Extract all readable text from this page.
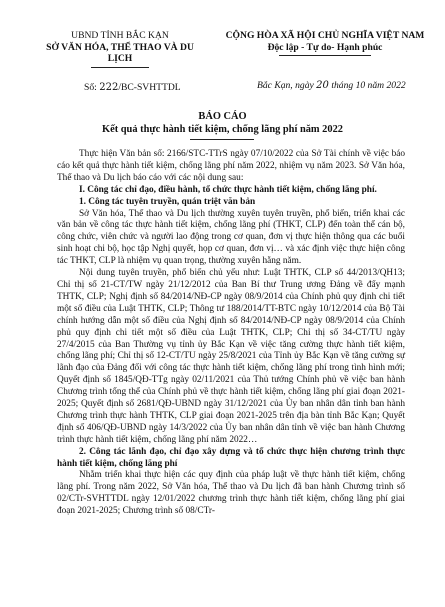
UBND TỈNH BẮC KẠN
SỞ VĂN HÓA, THỂ THAO VÀ DU LỊCH
CỘNG HÒA XÃ HỘI CHỦ NGHĨA VIỆT NAM
Độc lập - Tự do- Hạnh phúc
Số: 222/BC-SVHTTDL	Bắc Kạn, ngày 20 tháng 10 năm 2022
BÁO CÁO
Kết quả thực hành tiết kiệm, chống lãng phí năm 2022

Thực hiện Văn bản số: 2166/STC-TTrS ngày 07/10/2022 của Sở Tài chính về việc báo cáo kết quả thực hành tiết kiệm, chống lãng phí năm 2022, nhiệm vụ năm 2023. Sở Văn hóa, Thể thao và Du lịch báo cáo với các nội dung sau:

I. Công tác chỉ đạo, điều hành, tổ chức thực hành tiết kiệm, chống lãng phí.

1. Công tác tuyên truyền, quán triệt văn bản

Sở Văn hóa, Thể thao và Du lịch thường xuyên tuyên truyền, phổ biến, triển khai các văn bản về công tác thực hành tiết kiệm, chống lãng phí (THKT, CLP) đến toàn thể cán bộ, công chức, viên chức và người lao động trong cơ quan, đơn vị thực hiện thông qua các buổi sinh hoạt chi bộ, học tập Nghị quyết, họp cơ quan, đơn vị… và xác định việc thực hiện công tác THKT, CLP là nhiệm vụ quan trọng, thường xuyên hằng năm.

Nội dung tuyên truyền, phổ biến chủ yếu như: Luật THTK, CLP số 44/2013/QH13; Chỉ thị số 21-CT/TW ngày 21/12/2012 của Ban Bí thư Trung ương Đảng về đẩy mạnh THTK, CLP; Nghị định số 84/2014/NĐ-CP ngày 08/9/2014 của Chính phủ quy định chi tiết một số điều của Luật THTK, CLP; Thông tư 188/2014/TT-BTC ngày 10/12/2014 của Bộ Tài chính hướng dẫn một số điều của Nghị định số 84/2014/NĐ-CP ngày 08/9/2014 của Chính phủ quy định chi tiết một số điều của Luật THTK, CLP; Chỉ thị số 34-CT/TU ngày 27/4/2015 của Ban Thường vụ tỉnh ủy Bắc Kạn về việc tăng cường thực hành tiết kiệm, chống lãng phí; Chỉ thị số 12-CT/TU ngày 25/8/2021 của Tỉnh ủy Bắc Kạn về tăng cường sự lãnh đạo của Đảng đối với công tác thực hành tiết kiệm, chống lãng phí trong tình hình mới; Quyết định số 1845/QĐ-TTg ngày 02/11/2021 của Thủ tướng Chính phủ về việc ban hành Chương trình tổng thể của Chính phủ về thực hành tiết kiệm, chống lãng phí giai đoạn 2021- 2025; Quyết định số 2681/QĐ-UBND ngày 31/12/2021 của Ủy ban nhân dân tỉnh ban hành Chương trình thực hành THTK, CLP giai đoạn 2021-2025 trên địa bàn tỉnh Bắc Kạn; Quyết định số 406/QĐ-UBND ngày 14/3/2022 của Ủy ban nhân dân tỉnh về việc ban hành Chương trình thực hành tiết kiệm, chống lãng phí năm 2022…

2. Công tác lãnh đạo, chỉ đạo xây dựng và tổ chức thực hiện chương trình thực hành tiết kiệm, chống lãng phí

Nhằm triển khai thực hiện các quy định của pháp luật về thực hành tiết kiệm, chống lãng phí. Trong năm 2022, Sở Văn hóa, Thể thao và Du lịch đã ban hành Chương trình số 02/CTr-SVHTTDL ngày 12/01/2022 chương trình thực hành tiết kiệm, chống lãng phí giai đoạn 2021-2025; Chương trình số 08/CTr-
